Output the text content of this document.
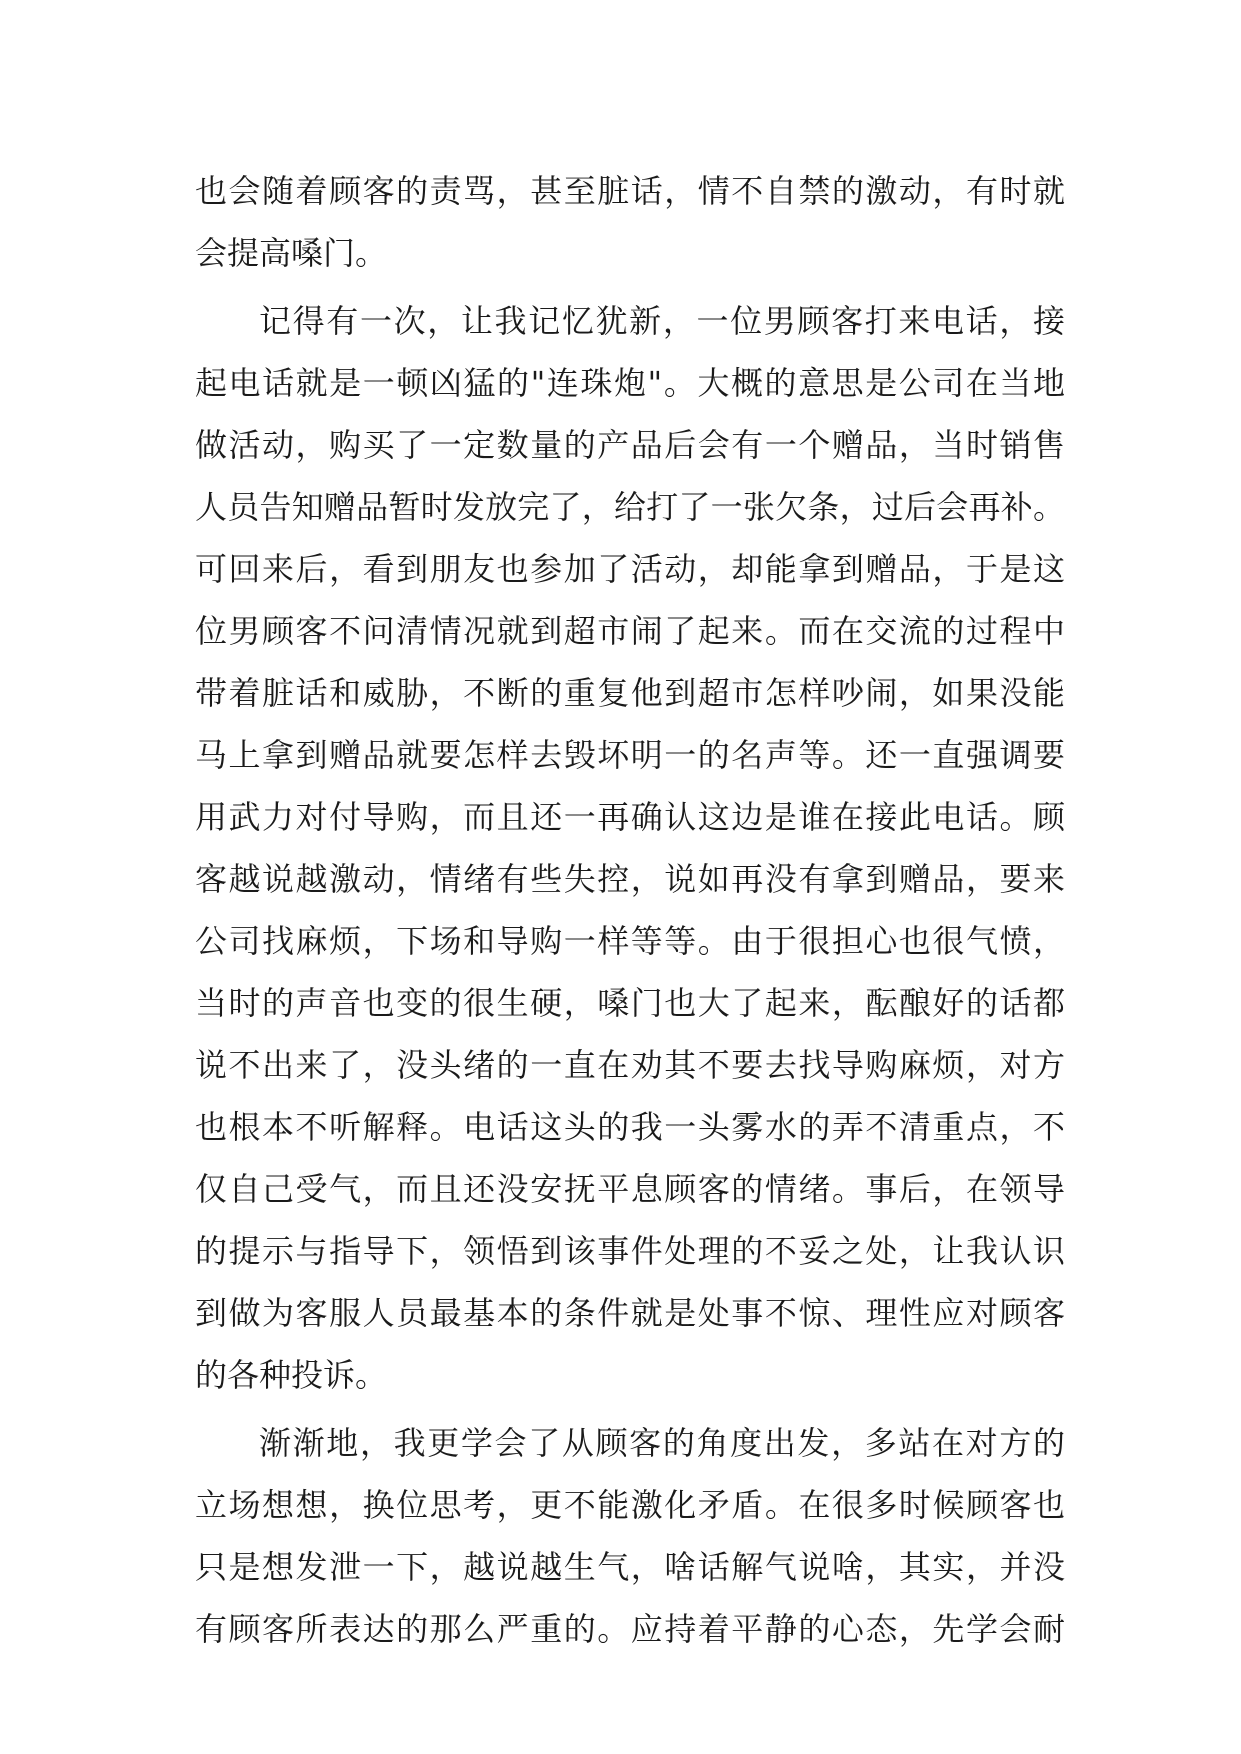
也会随着顾客的责骂，甚至脏话，情不自禁的激动，有时就
会提高嗓门。
记得有一次，让我记忆犹新，一位男顾客打来电话，接
起电话就是一顿凶猛的"连珠炮"。大概的意思是公司在当地
做活动，购买了一定数量的产品后会有一个赠品，当时销售
人员告知赠品暂时发放完了，给打了一张欠条，过后会再补。
可回来后，看到朋友也参加了活动，却能拿到赠品，于是这
位男顾客不问清情况就到超市闹了起来。而在交流的过程中
带着脏话和威胁，不断的重复他到超市怎样吵闹，如果没能
马上拿到赠品就要怎样去毁坏明一的名声等。还一直强调要
用武力对付导购，而且还一再确认这边是谁在接此电话。顾
客越说越激动，情绪有些失控，说如再没有拿到赠品，要来
公司找麻烦，下场和导购一样等等。由于很担心也很气愤，
当时的声音也变的很生硬，嗓门也大了起来，酝酿好的话都
说不出来了，没头绪的一直在劝其不要去找导购麻烦，对方
也根本不听解释。电话这头的我一头雾水的弄不清重点，不
仅自己受气，而且还没安抚平息顾客的情绪。事后，在领导
的提示与指导下，领悟到该事件处理的不妥之处，让我认识
到做为客服人员最基本的条件就是处事不惊、理性应对顾客
的各种投诉。
渐渐地，我更学会了从顾客的角度出发，多站在对方的
立场想想，换位思考，更不能激化矛盾。在很多时候顾客也
只是想发泄一下，越说越生气，啥话解气说啥，其实，并没
有顾客所表达的那么严重的。应持着平静的心态，先学会耐
